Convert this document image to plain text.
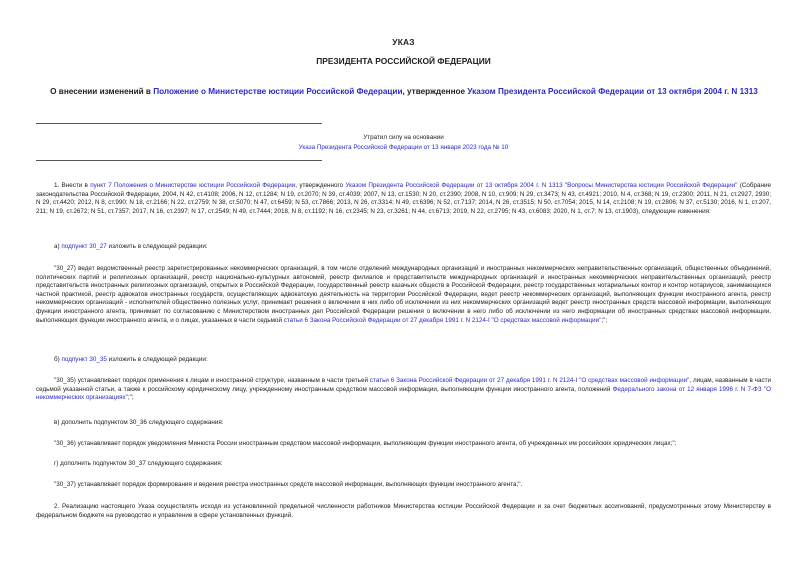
УКАЗ
ПРЕЗИДЕНТА РОССИЙСКОЙ ФЕДЕРАЦИИ
О внесении изменений в Положение о Министерстве юстиции Российской Федерации, утвержденное Указом Президента Российской Федерации от 13 октября 2004 г. N 1313
Утратил силу на основании
Указа Президента Российской Федерации от 13 января 2023 года № 10
1. Внести в пункт 7 Положения о Министерстве юстиции Российской Федерации, утвержденного Указом Президента Российской Федерации от 13 октября 2004 г. N 1313 "Вопросы Министерства юстиции Российской Федерации" (Собрание законодательства Российской Федерации, 2004, N 42, ст.4108; 2006, N 12, ст.1284; N 19, ст.2070; N 39, ст.4039; 2007, N 13, ст.1530; N 20, ст.2390; 2008, N 10, ст.909; N 29, ст.3473; N 43, ст.4921; 2010, N 4, ст.368; N 19, ст.2300; 2011, N 21, ст.2927, 2930; N 29, ст.4420; 2012, N 8, ст.990; N 18, ст.2166; N 22, ст.2759; N 38, ст.5070; N 47, ст.6459; N 53, ст.7866; 2013, N 26, ст.3314; N 49, ст.6396; N 52, ст.7137; 2014, N 26, ст.3515; N 50, ст.7054; 2015, N 14, ст.2108; N 19, ст.2806; N 37, ст.5130; 2016, N 1, ст.207, 211; N 19, ст.2672; N 51, ст.7357; 2017, N 16, ст.2397; N 17, ст.2549; N 49, ст.7444; 2018, N 8, ст.1192; N 16, ст.2345; N 23, ст.3261; N 44, ст.6713; 2019, N 22, ст.2795; N 43, ст.6083; 2020, N 1, ст.7; N 13, ст.1903), следующие изменения:
а) подпункт 30_27 изложить в следующей редакции:
"30_27) ведет ведомственный реестр зарегистрированных некоммерческих организаций, в том числе отделений международных организаций и иностранных некоммерческих неправительственных организаций, общественных объединений, политических партий и религиозных организаций, реестр национально-культурных автономий, реестр филиалов и представительств международных организаций и иностранных некоммерческих неправительственных организаций, реестр представительств иностранных религиозных организаций, открытых в Российской Федерации, государственный реестр казачьих обществ в Российской Федерации, реестр государственных нотариальных контор и контор нотариусов, занимающихся частной практикой, реестр адвокатов иностранных государств, осуществляющих адвокатскую деятельность на территории Российской Федерации, ведет реестр некоммерческих организаций, выполняющих функции иностранного агента, реестр некоммерческих организаций - исполнителей общественно полезных услуг, принимает решения о включении в них либо об исключении из них некоммерческих организаций ведет реестр иностранных средств массовой информации, выполняющих функции иностранного агента, принимает по согласованию с Министерством иностранных дел Российской Федерации решения о включении в него либо об исключении из него информации об иностранных средствах массовой информации, выполняющих функции иностранного агента, и о лицах, указанных в части седьмой статьи 6 Закона Российской Федерации от 27 декабря 1991 г. N 2124-I "О средствах массовой информации";";
б) подпункт 30_35 изложить в следующей редакции:
"30_35) устанавливает порядок применения к лицам и иностранной структуре, названным в части третьей статьи 6 Закона Российской Федерации от 27 декабря 1991 г. N 2124-I "О средствах массовой информации", лицам, названным в части седьмой указанной статьи, а также к российскому юридическому лицу, учрежденному иностранным средством массовой информации, выполняющим функции иностранного агента, положений Федерального закона от 12 января 1996 г. N 7-ФЗ "О некоммерческих организациях";";
в) дополнить подпунктом 30_36 следующего содержания:
"30_36) устанавливает порядок уведомления Минюста России иностранным средством массовой информации, выполняющим функции иностранного агента, об учрежденных им российских юридических лицах;";
г) дополнить подпунктом 30_37 следующего содержания:
"30_37) устанавливает порядок формирования и ведения реестра иностранных средств массовой информации, выполняющих функции иностранного агента;".
2. Реализацию настоящего Указа осуществлять исходя из установленной предельной численности работников Министерства юстиции Российской Федерации и за счет бюджетных ассигнований, предусмотренных этому Министерству в федеральном бюджете на руководство и управление в сфере установленных функций.
